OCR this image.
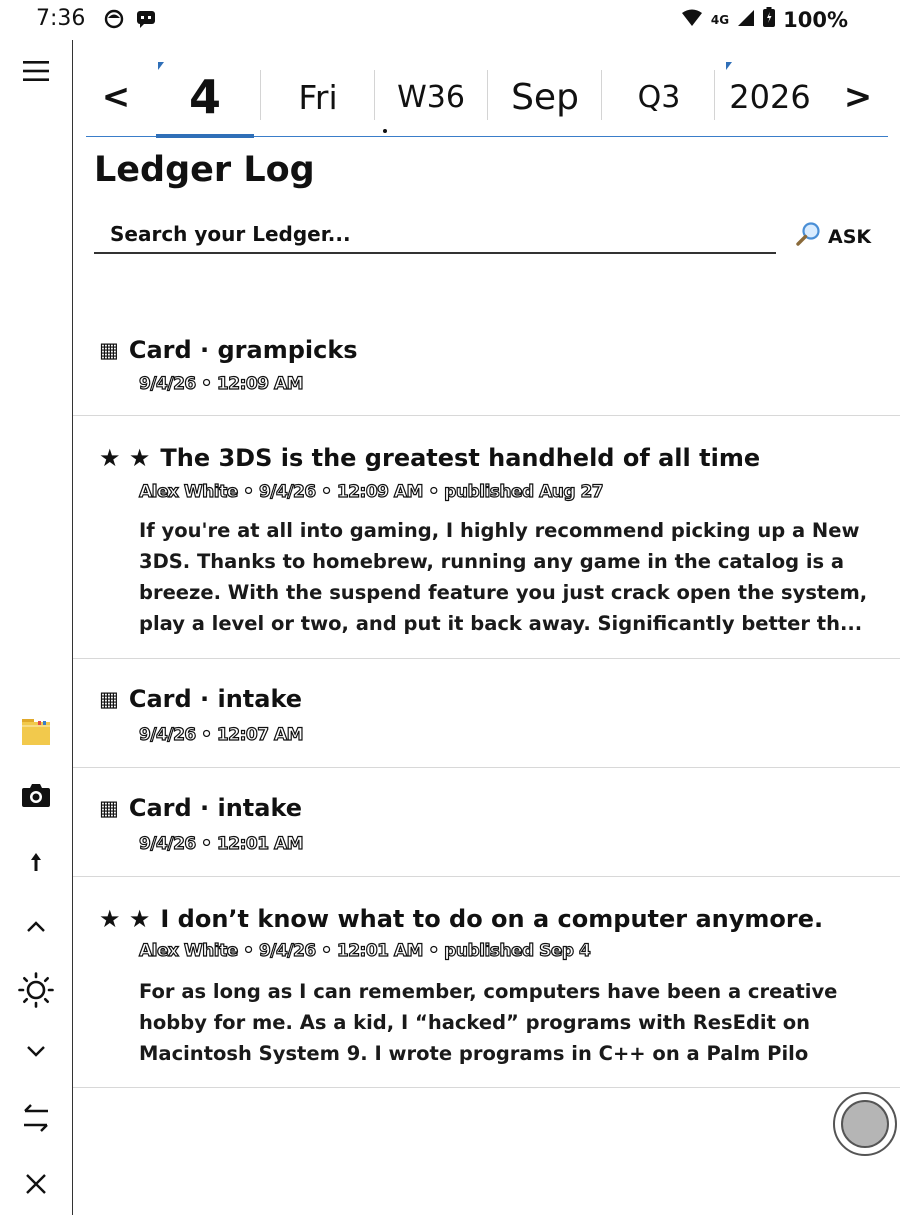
7:36	4G	100%
<	4	Fri	W36	Sep	Q3	2026 >
Ledger Log
Search your Ledger...
ASK
▦ Card · grampicks
9/4/26 • 12:09 AM
★ ★ The 3DS is the greatest handheld of all time
Alex White • 9/4/26 • 12:09 AM • published Aug 27
If you're at all into gaming, I highly recommend picking up a New
3DS. Thanks to homebrew, running any game in the catalog is a
breeze. With the suspend feature you just crack open the system,
play a level or two, and put it back away. Significantly better th...
▦ Card · intake
9/4/26 • 12:07 AM
▦ Card · intake
9/4/26 • 12:01 AM
★ ★ I don’t know what to do on a computer anymore.
Alex White • 9/4/26 • 12:01 AM • published Sep 4
For as long as I can remember, computers have been a creative
hobby for me. As a kid, I “hacked” programs with ResEdit on
Macintosh System 9. I wrote programs in C++ on a Palm Pilo
